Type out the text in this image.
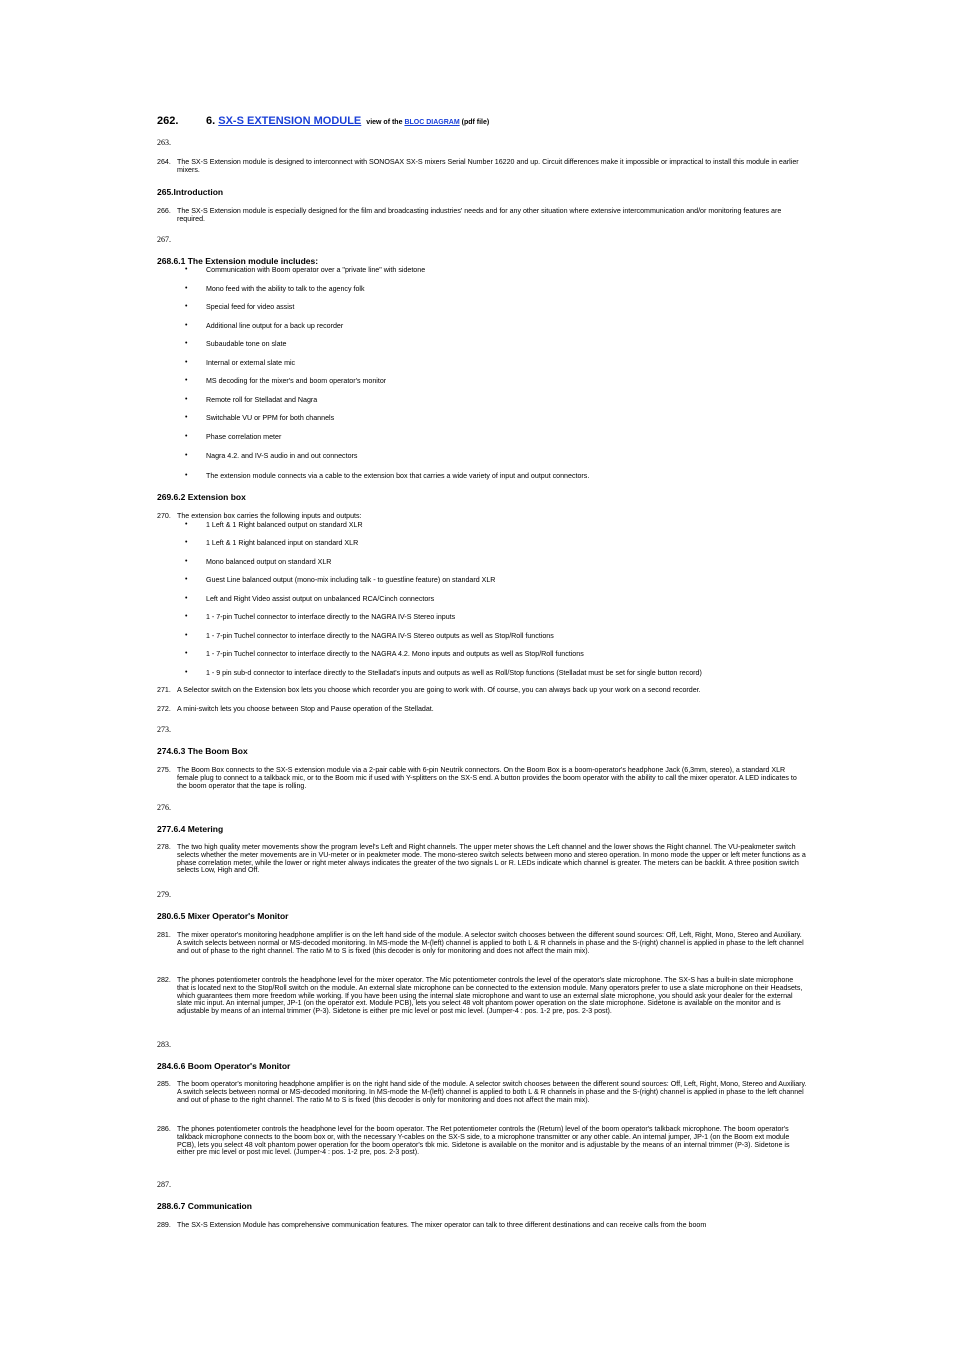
262.	6. SX-S EXTENSION MODULE view of the BLOC DIAGRAM (pdf file)
263.
264. The SX-S Extension module is designed to interconnect with SONOSAX SX-S mixers Serial Number 16220 and up. Circuit differences make it impossible or impractical to install this module in earlier mixers.
265.Introduction
266. The SX-S Extension module is especially designed for the film and broadcasting industries' needs and for any other situation where extensive intercommunication and/or monitoring features are required.
267.
268.6.1 The Extension module includes:
•	Communication with Boom operator over a "private line" with sidetone
•	Mono feed with the ability to talk to the agency folk
•	Special feed for video assist
•	Additional line output for a back up recorder
•	Subaudable tone on slate
•	Internal or external slate mic
•	MS decoding for the mixer's and boom operator's monitor
•	Remote roll for Stelladat and Nagra
•	Switchable VU or PPM for both channels
•	Phase correlation meter
•	Nagra 4.2. and IV-S audio in and out connectors
•	The extension module connects via a cable to the extension box that carries a wide variety of input and output connectors.
269.6.2 Extension box
270. The extension box carries the following inputs and outputs:
•	1 Left & 1 Right balanced output on standard XLR
•	1 Left & 1 Right balanced input on standard XLR
•	Mono balanced output on standard XLR
•	Guest Line balanced output (mono-mix including talk - to guestline feature) on standard XLR
•	Left and Right Video assist output on unbalanced RCA/Cinch connectors
•	1 - 7-pin Tuchel connector to interface directly to the NAGRA IV-S Stereo inputs
•	1 - 7-pin Tuchel connector to interface directly to the NAGRA IV-S Stereo outputs as well as Stop/Roll functions
•	1 - 7-pin Tuchel connector to interface directly to the NAGRA 4.2. Mono inputs and outputs as well as Stop/Roll functions
•	1 - 9 pin sub-d connector to interface directly to the Stelladat's inputs and outputs as well as Roll/Stop functions (Stelladat must be set for single button record)
271. A Selector switch on the Extension box lets you choose which recorder you are going to work with. Of course, you can always back up your work on a second recorder.
272. A mini-switch lets you choose between Stop and Pause operation of the Stelladat.
273.
274.6.3 The Boom Box
275. The Boom Box connects to the SX-S extension module via a 2-pair cable with 6-pin Neutrik connectors. On the Boom Box is a boom-operator's headphone Jack (6,3mm, stereo), a standard XLR female plug to connect to a talkback mic, or to the Boom mic if used with Y-splitters on the SX-S end. A button provides the boom operator with the ability to call the mixer operator. A LED indicates to the boom operator that the tape is rolling.
276.
277.6.4 Metering
278. The two high quality meter movements show the program level's Left and Right channels. The upper meter shows the Left channel and the lower shows the Right channel. The VU-peakmeter switch selects whether the meter movements are in VU-meter or in peakmeter mode. The mono-stereo switch selects between mono and stereo operation. In mono mode the upper or left meter functions as a phase correlation meter, while the lower or right meter always indicates the greater of the two signals L or R. LEDs indicate which channel is greater. The meters can be backlit. A three position switch selects Low, High and Off.
279.
280.6.5 Mixer Operator's Monitor
281. The mixer operator's monitoring headphone amplifier is on the left hand side of the module. A selector switch chooses between the different sound sources: Off, Left, Right, Mono, Stereo and Auxiliary. A switch selects between normal or MS-decoded monitoring. In MS-mode the M-(left) channel is applied to both L & R channels in phase and the S-(right) channel is applied in phase to the left channel and out of phase to the right channel. The ratio M to S is fixed (this decoder is only for monitoring and does not affect the main mix).
282. The phones potentiometer controls the headphone level for the mixer operator. The Mic potentiometer controls the level of the operator's slate microphone. The SX-S has a built-in slate microphone that is located next to the Stop/Roll switch on the module. An external slate microphone can be connected to the extension module. Many operators prefer to use a slate microphone on their Headsets, which guarantees them more freedom while working. If you have been using the internal slate microphone and want to use an external slate microphone, you should ask your dealer for the external slate mic input. An internal jumper, JP-1 (on the operator ext. Module PCB), lets you select 48 volt phantom power operation on the slate microphone. Sidetone is available on the monitor and is adjustable by means of an internal trimmer (P-3). Sidetone is either pre mic level or post mic level. (Jumper-4 : pos. 1-2 pre, pos. 2-3 post).
283.
284.6.6 Boom Operator's Monitor
285. The boom operator's monitoring headphone amplifier is on the right hand side of the module. A selector switch chooses between the different sound sources: Off, Left, Right, Mono, Stereo and Auxiliary. A switch selects between normal or MS-decoded monitoring. In MS-mode the M-(left) channel is applied to both L & R channels in phase and the S-(right) channel is applied in phase to the left channel and out of phase to the right channel. The ratio M to S is fixed (this decoder is only for monitoring and does not affect the main mix).
286. The phones potentiometer controls the headphone level for the boom operator. The Ret potentiometer controls the (Return) level of the boom operator's talkback microphone. The boom operator's talkback microphone connects to the boom box or, with the necessary Y-cables on the SX-S side, to a microphone transmitter or any other cable. An internal jumper, JP-1 (on the Boom ext module PCB), lets you select 48 volt phantom power operation for the boom operator's tbk mic. Sidetone is available on the monitor and is adjustable by the means of an internal trimmer (P-3). Sidetone is either pre mic level or post mic level. (Jumper-4 : pos. 1-2 pre, pos. 2-3 post).
287.
288.6.7 Communication
289. The SX-S Extension Module has comprehensive communication features. The mixer operator can talk to three different destinations and can receive calls from the boom
